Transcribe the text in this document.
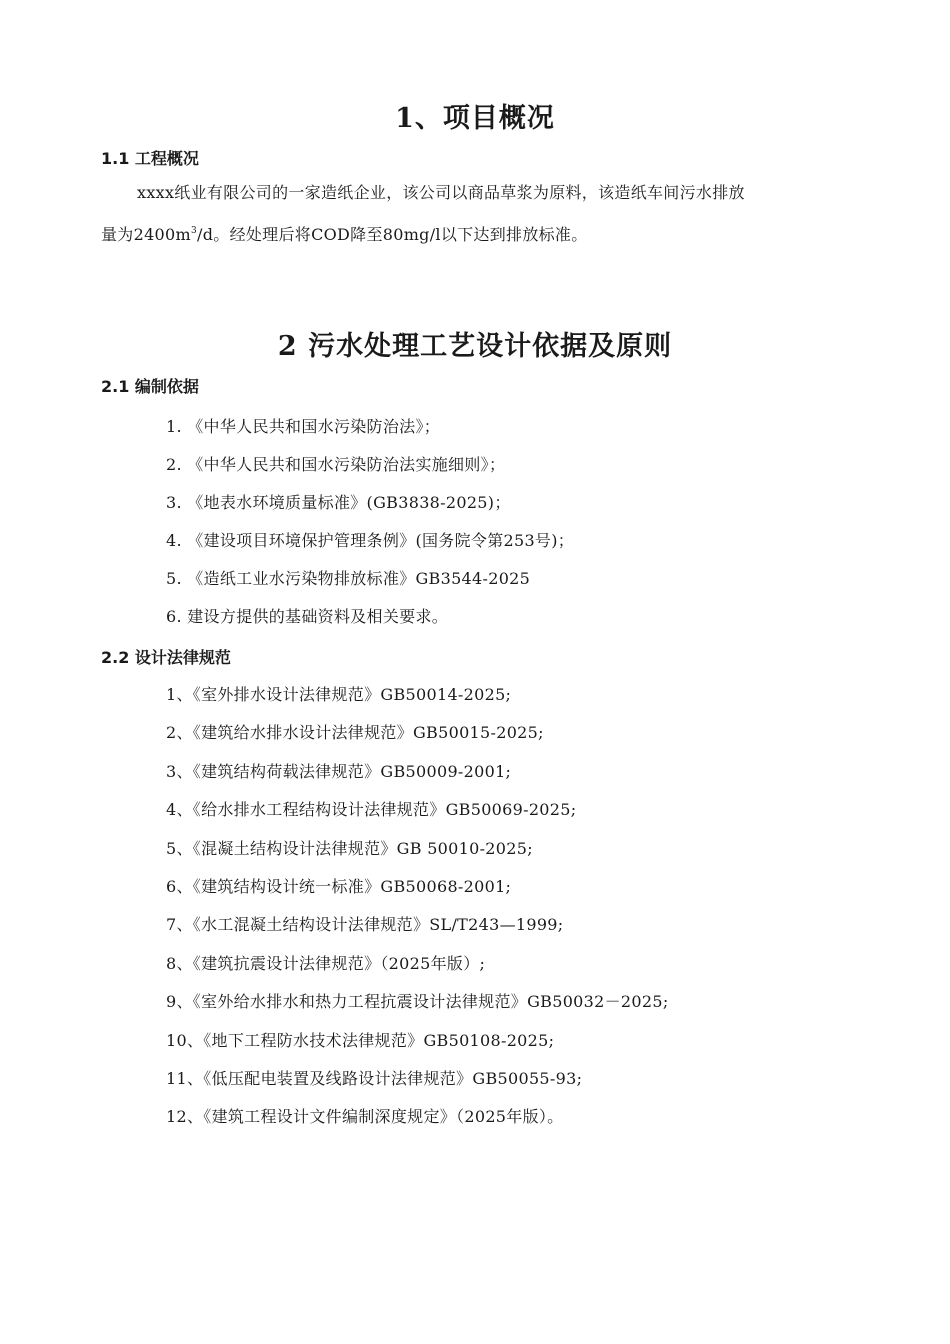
1、项目概况
1.1 工程概况
xxxx纸业有限公司的一家造纸企业，该公司以商品草浆为原料，该造纸车间污水排放
量为$2400m^3/d$。经处理后将COD降至80mg/l以下达到排放标准。
2 污水处理工艺设计依据及原则
2.1 编制依据
1. 《中华人民共和国水污染防治法》；
2. 《中华人民共和国水污染防治法实施细则》；
3. 《地表水环境质量标准》(GB3838-2025)；
4. 《建设项目环境保护管理条例》(国务院令第253号)；
5. 《造纸工业水污染物排放标准》GB3544-2025
6. 建设方提供的基础资料及相关要求。
2.2 设计法律规范
1、《室外排水设计法律规范》GB50014-2025;
2、《建筑给水排水设计法律规范》GB50015-2025;
3、《建筑结构荷载法律规范》GB50009-2001;
4、《给水排水工程结构设计法律规范》GB50069-2025;
5、《混凝土结构设计法律规范》GB 50010-2025;
6、《建筑结构设计统一标准》GB50068-2001;
7、《水工混凝土结构设计法律规范》SL/T243—1999;
8、《建筑抗震设计法律规范》（2025年版）;
9、《室外给水排水和热力工程抗震设计法律规范》GB50032－2025;
10、《地下工程防水技术法律规范》GB50108-2025;
11、《低压配电装置及线路设计法律规范》GB50055-93;
12、《建筑工程设计文件编制深度规定》（2025年版）。
